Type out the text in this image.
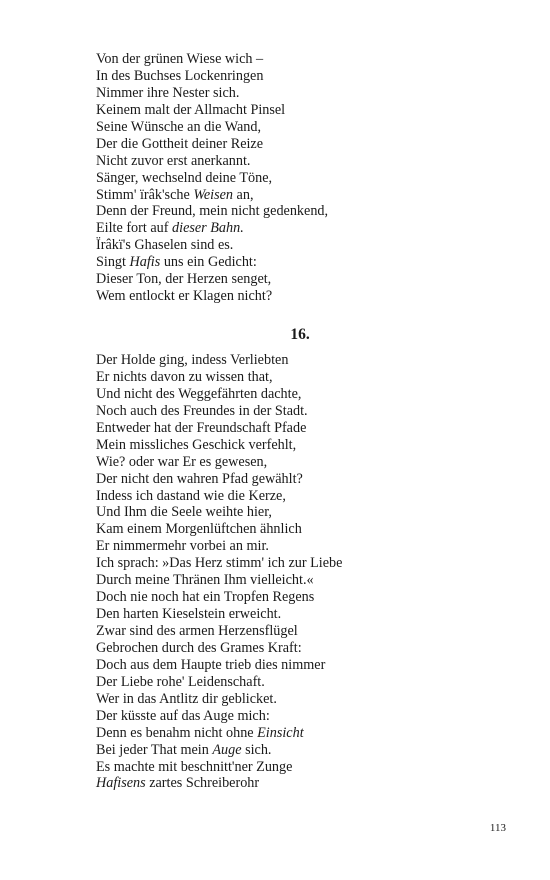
Von der grünen Wiese wich –
In des Buchses Lockenringen
Nimmer ihre Nester sich.
Keinem malt der Allmacht Pinsel
Seine Wünsche an die Wand,
Der die Gottheit deiner Reize
Nicht zuvor erst anerkannt.
Sänger, wechselnd deine Töne,
Stimm' ïrâk'sche Weisen an,
Denn der Freund, mein nicht gedenkend,
Eilte fort auf dieser Bahn.
Ïrâkï's Ghaselen sind es.
Singt Hafis uns ein Gedicht:
Dieser Ton, der Herzen senget,
Wem entlockt er Klagen nicht?
16.
Der Holde ging, indess Verliebten
Er nichts davon zu wissen that,
Und nicht des Weggefährten dachte,
Noch auch des Freundes in der Stadt.
Entweder hat der Freundschaft Pfade
Mein missliches Geschick verfehlt,
Wie? oder war Er es gewesen,
Der nicht den wahren Pfad gewählt?
Indess ich dastand wie die Kerze,
Und Ihm die Seele weihte hier,
Kam einem Morgenlüftchen ähnlich
Er nimmermehr vorbei an mir.
Ich sprach: »Das Herz stimm' ich zur Liebe
Durch meine Thränen Ihm vielleicht.«
Doch nie noch hat ein Tropfen Regens
Den harten Kieselstein erweicht.
Zwar sind des armen Herzensflügel
Gebrochen durch des Grames Kraft:
Doch aus dem Haupte trieb dies nimmer
Der Liebe rohe' Leidenschaft.
Wer in das Antlitz dir geblicket.
Der küsste auf das Auge mich:
Denn es benahm nicht ohne Einsicht
Bei jeder That mein Auge sich.
Es machte mit beschnitt'ner Zunge
Hafisens zartes Schreiberohr
113
